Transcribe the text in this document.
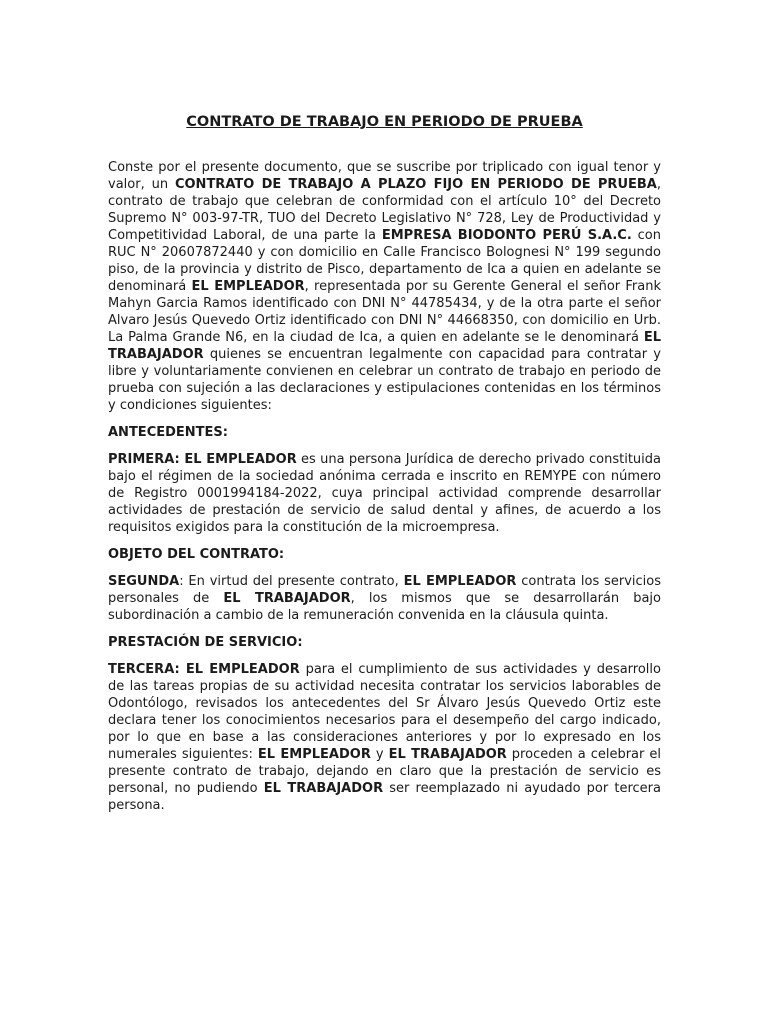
CONTRATO DE TRABAJO EN PERIODO DE PRUEBA

Conste por el presente documento, que se suscribe por triplicado con igual tenor y valor, un CONTRATO DE TRABAJO A PLAZO FIJO EN PERIODO DE PRUEBA, contrato de trabajo que celebran de conformidad con el artículo 10° del Decreto Supremo N° 003-97-TR, TUO del Decreto Legislativo N° 728, Ley de Productividad y Competitividad Laboral, de una parte la EMPRESA BIODONTO PERÚ S.A.C. con RUC N° 20607872440 y con domicilio en Calle Francisco Bolognesi N° 199 segundo piso, de la provincia y distrito de Pisco, departamento de Ica a quien en adelante se denominará EL EMPLEADOR, representada por su Gerente General el señor Frank Mahyn Garcia Ramos identificado con DNI N° 44785434, y de la otra parte el señor Alvaro Jesús Quevedo Ortiz identificado con DNI N° 44668350, con domicilio en Urb. La Palma Grande N6, en la ciudad de Ica, a quien en adelante se le denominará EL TRABAJADOR quienes se encuentran legalmente con capacidad para contratar y libre y voluntariamente convienen en celebrar un contrato de trabajo en periodo de prueba con sujeción a las declaraciones y estipulaciones contenidas en los términos y condiciones siguientes:

ANTECEDENTES:

PRIMERA: EL EMPLEADOR es una persona Jurídica de derecho privado constituida bajo el régimen de la sociedad anónima cerrada e inscrito en REMYPE con número de Registro 0001994184-2022, cuya principal actividad comprende desarrollar actividades de prestación de servicio de salud dental y afines, de acuerdo a los requisitos exigidos para la constitución de la microempresa.

OBJETO DEL CONTRATO:

SEGUNDA: En virtud del presente contrato, EL EMPLEADOR contrata los servicios personales de EL TRABAJADOR, los mismos que se desarrollarán bajo subordinación a cambio de la remuneración convenida en la cláusula quinta.

PRESTACIÓN DE SERVICIO:

TERCERA: EL EMPLEADOR para el cumplimiento de sus actividades y desarrollo de las tareas propias de su actividad necesita contratar los servicios laborables de Odontólogo, revisados los antecedentes del Sr Álvaro Jesús Quevedo Ortiz este declara tener los conocimientos necesarios para el desempeño del cargo indicado, por lo que en base a las consideraciones anteriores y por lo expresado en los numerales siguientes: EL EMPLEADOR y EL TRABAJADOR proceden a celebrar el presente contrato de trabajo, dejando en claro que la prestación de servicio es personal, no pudiendo EL TRABAJADOR ser reemplazado ni ayudado por tercera persona.
